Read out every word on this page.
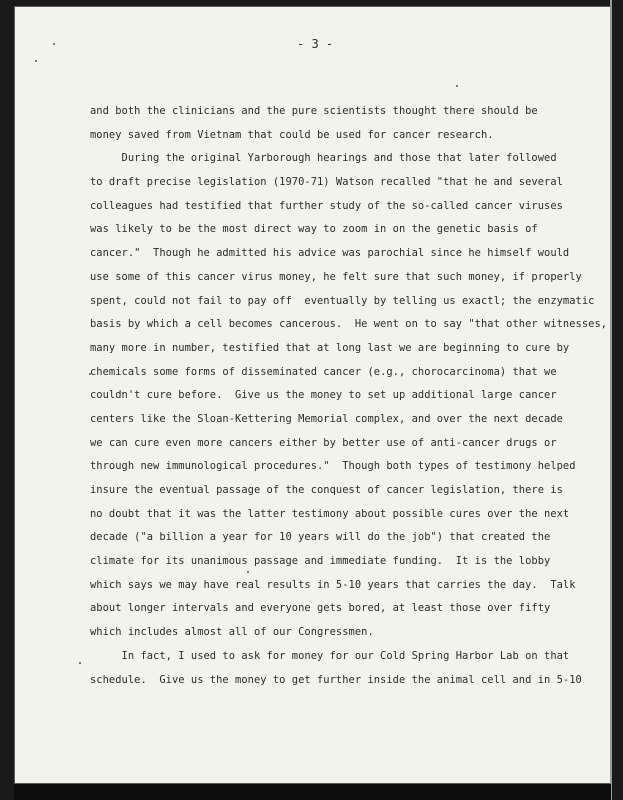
- 3 -
and both the clinicians and the pure scientists thought there should be
money saved from Vietnam that could be used for cancer research.
During the original Yarborough hearings and those that later followed
to draft precise legislation (1970-71) Watson recalled "that he and several
colleagues had testified that further study of the so-called cancer viruses
was likely to be the most direct way to zoom in on the genetic basis of
cancer."  Though he admitted his advice was parochial since he himself would
use some of this cancer virus money, he felt sure that such money, if properly
spent, could not fail to pay off  eventually by telling us exactl; the enzymatic
basis by which a cell becomes cancerous.  He went on to say "that other witnesses,
many more in number, testified that at long last we are beginning to cure by
chemicals some forms of disseminated cancer (e.g., chorocarcinoma) that we
couldn't cure before.  Give us the money to set up additional large cancer
centers like the Sloan-Kettering Memorial complex, and over the next decade
we can cure even more cancers either by better use of anti-cancer drugs or
through new immunological procedures."  Though both types of testimony helped
insure the eventual passage of the conquest of cancer legislation, there is
no doubt that it was the latter testimony about possible cures over the next
decade ("a billion a year for 10 years will do the job") that created the
climate for its unanimous passage and immediate funding.  It is the lobby
which says we may have real results in 5-10 years that carries the day.  Talk
about longer intervals and everyone gets bored, at least those over fifty
which includes almost all of our Congressmen.
In fact, I used to ask for money for our Cold Spring Harbor Lab on that
schedule.  Give us the money to get further inside the animal cell and in 5-10
